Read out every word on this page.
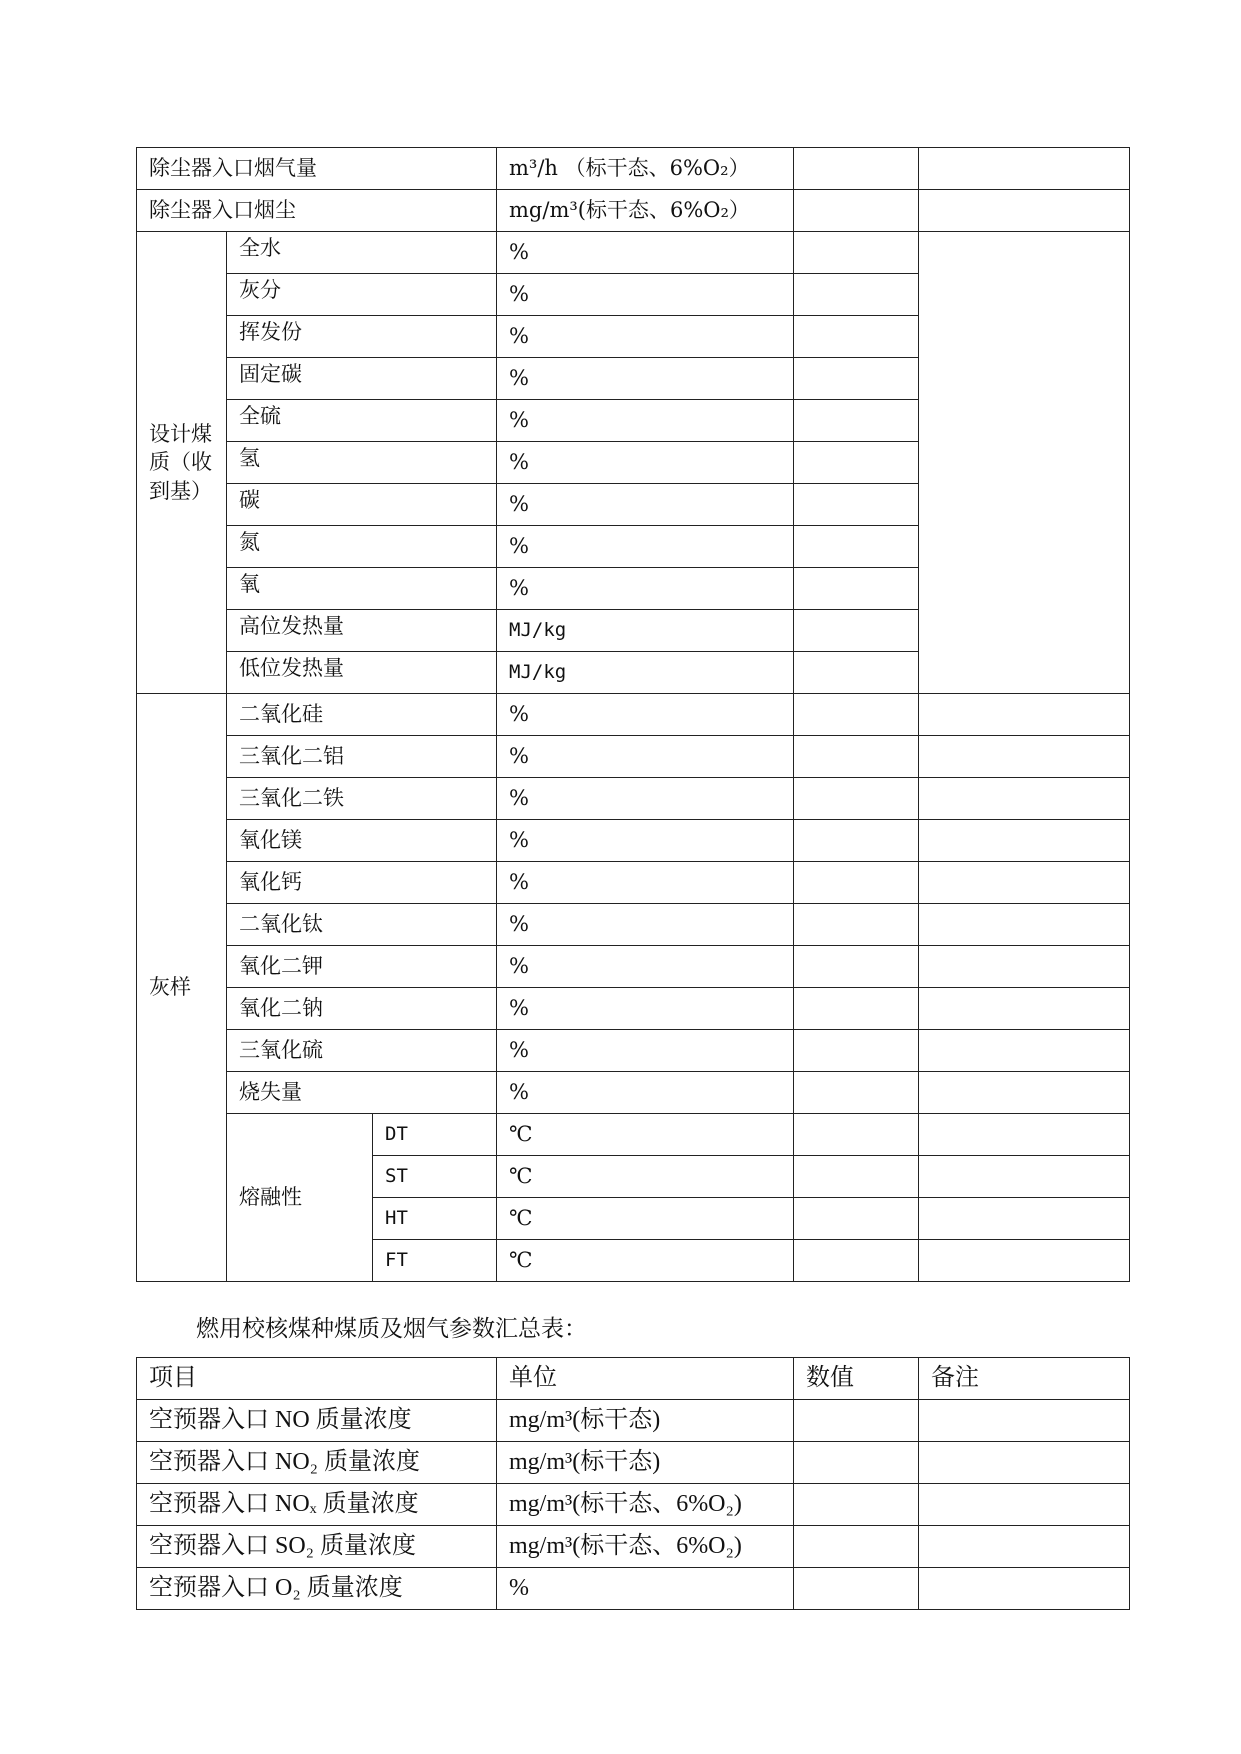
除尘器入口烟气量			m³/h （标干态、6%O₂）		
除尘器入口烟尘			mg/m³(标干态、6%O₂）		
设计煤质（收到基）	全水		%		
	灰分		%		
	挥发份		%		
	固定碳		%		
	全硫		%		
	氢		%		
	碳		%		
	氮		%		
	氧		%		
	高位发热量		MJ/kg		
	低位发热量		MJ/kg		
灰样	二氧化硅		%		
	三氧化二铝		%		
	三氧化二铁		%		
	氧化镁		%		
	氧化钙		%		
	二氧化钛		%		
	氧化二钾		%		
	氧化二钠		%		
	三氧化硫		%		
	烧失量		%		
	熔融性	DT	℃		
		ST	℃		
		HT	℃		
		FT	℃		
燃用校核煤种煤质及烟气参数汇总表：
项目	单位	数值	备注
空预器入口 NO 质量浓度	mg/m³(标干态)		
空预器入口 NO₂ 质量浓度	mg/m³(标干态)		
空预器入口 NOₓ 质量浓度	mg/m³(标干态、6%O₂)		
空预器入口 SO₂ 质量浓度	mg/m³(标干态、6%O₂)		
空预器入口 O₂ 质量浓度	%		
